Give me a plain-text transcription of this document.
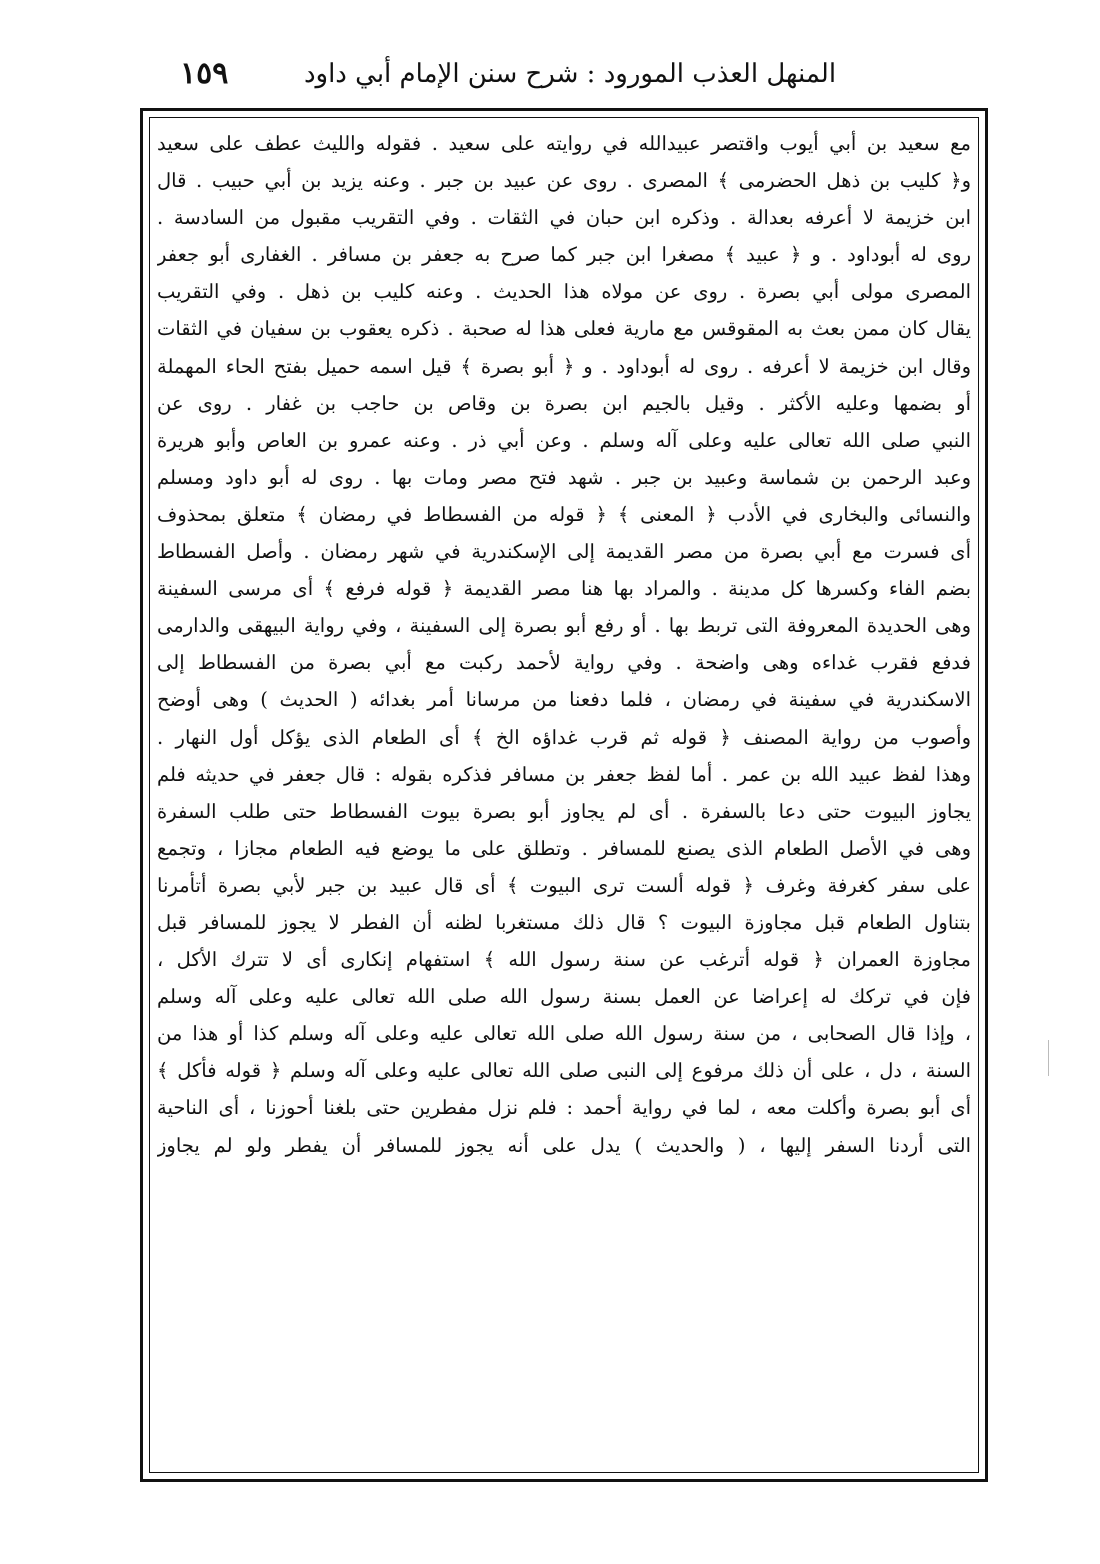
المنهل العذب المورود : شرح سنن الإمام أبي داود
١٥٩
مع سعيد بن أبي أيوب واقتصر عبيدالله في روايته على سعيد . فقوله والليث عطف على سعيد
و﴿ كليب بن ذهل الحضرمى ﴾ المصرى . روى عن عبيد بن جبر . وعنه يزيد بن أبي حبيب . قال
ابن خزيمة لا أعرفه بعدالة . وذكره ابن حبان في الثقات . وفي التقريب مقبول من السادسة .
روى له أبوداود . و ﴿ عبيد ﴾ مصغرا ابن جبر كما صرح به جعفر بن مسافر . الغفارى أبو جعفر
المصرى مولى أبي بصرة . روى عن مولاه هذا الحديث . وعنه كليب بن ذهل . وفي التقريب
يقال كان ممن بعث به المقوقس مع مارية فعلى هذا له صحبة . ذكره يعقوب بن سفيان في الثقات
وقال ابن خزيمة لا أعرفه . روى له أبوداود . و ﴿ أبو بصرة ﴾ قيل اسمه حميل بفتح الحاء المهملة
أو بضمها وعليه الأكثر . وقيل بالجيم ابن بصرة بن وقاص بن حاجب بن غفار . روى عن
النبي صلى الله تعالى عليه وعلى آله وسلم . وعن أبي ذر . وعنه عمرو بن العاص وأبو هريرة
وعبد الرحمن بن شماسة وعبيد بن جبر . شهد فتح مصر ومات بها . روى له أبو داود ومسلم
والنسائى والبخارى في الأدب ﴿ المعنى ﴾ ﴿ قوله من الفسطاط في رمضان ﴾ متعلق بمحذوف
أى فسرت مع أبي بصرة من مصر القديمة إلى الإسكندرية في شهر رمضان . وأصل الفسطاط
بضم الفاء وكسرها كل مدينة . والمراد بها هنا مصر القديمة ﴿ قوله فرفع ﴾ أى مرسى السفينة
وهى الحديدة المعروفة التى تربط بها . أو رفع أبو بصرة إلى السفينة ، وفي رواية البيهقى والدارمى
فدفع فقرب غداءه وهى واضحة . وفي رواية لأحمد ركبت مع أبي بصرة من الفسطاط إلى
الاسكندرية في سفينة في رمضان ، فلما دفعنا من مرسانا أمر بغدائه ( الحديث ) وهى أوضح
وأصوب من رواية المصنف ﴿ قوله ثم قرب غداؤه الخ ﴾ أى الطعام الذى يؤكل أول النهار .
وهذا لفظ عبيد الله بن عمر . أما لفظ جعفر بن مسافر فذكره بقوله : قال جعفر في حديثه فلم
يجاوز البيوت حتى دعا بالسفرة . أى لم يجاوز أبو بصرة بيوت الفسطاط حتى طلب السفرة
وهى في الأصل الطعام الذى يصنع للمسافر . وتطلق على ما يوضع فيه الطعام مجازا ، وتجمع
على سفر كغرفة وغرف ﴿ قوله ألست ترى البيوت ﴾ أى قال عبيد بن جبر لأبي بصرة أتأمرنا
بتناول الطعام قبل مجاوزة البيوت ؟ قال ذلك مستغربا لظنه أن الفطر لا يجوز للمسافر قبل
مجاوزة العمران ﴿ قوله أترغب عن سنة رسول الله ﴾ استفهام إنكارى أى لا تترك الأكل ،
فإن في تركك له إعراضا عن العمل بسنة رسول الله صلى الله تعالى عليه وعلى آله وسلم
، وإذا قال الصحابى ، من سنة رسول الله صلى الله تعالى عليه وعلى آله وسلم كذا أو هذا من
السنة ، دل ، على أن ذلك مرفوع إلى النبى صلى الله تعالى عليه وعلى آله وسلم ﴿ قوله فأكل ﴾
أى أبو بصرة وأكلت معه ، لما في رواية أحمد : فلم نزل مفطرين حتى بلغنا أحوزنا ، أى الناحية
التى أردنا السفر إليها ، ( والحديث ) يدل على أنه يجوز للمسافر أن يفطر ولو لم يجاوز
